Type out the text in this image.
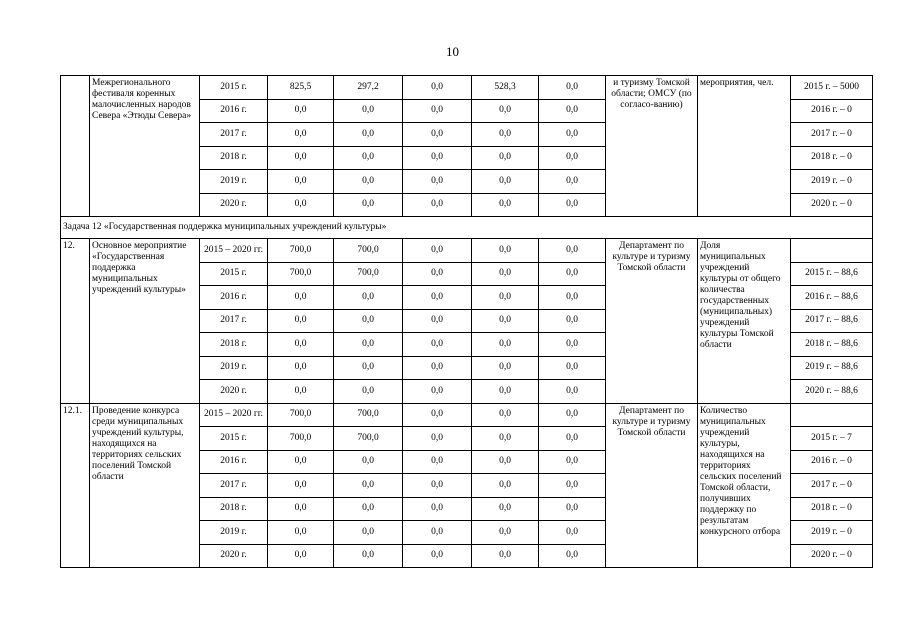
10
	Межрегионального фестиваля коренных малочисленных народов Севера «Этюды Севера»	2015 г.	825,5	297,2	0,0	528,3	0,0	и туризму Томской области; ОМСУ (по согласо-ванию)	мероприятия, чел.	2015 г. – 5000
		2016 г.	0,0	0,0	0,0	0,0	0,0			2016 г. – 0
		2017 г.	0,0	0,0	0,0	0,0	0,0			2017 г. – 0
		2018 г.	0,0	0,0	0,0	0,0	0,0			2018 г. – 0
		2019 г.	0,0	0,0	0,0	0,0	0,0			2019 г. – 0
		2020 г.	0,0	0,0	0,0	0,0	0,0			2020 г. – 0
Задача 12 «Государственная поддержка муниципальных учреждений культуры»										
12.	Основное мероприятие «Государственная поддержка муниципальных учреждений культуры»	2015 – 2020 гг.	700,0	700,0	0,0	0,0	0,0	Департамент по культуре и туризму Томской области	Доля муниципальных учреждений культуры от общего количества государственных (муниципальных) учреждений культуры Томской области	
		2015 г.	700,0	700,0	0,0	0,0	0,0			2015 г. – 88,6
		2016 г.	0,0	0,0	0,0	0,0	0,0			2016 г. – 88,6
		2017 г.	0,0	0,0	0,0	0,0	0,0			2017 г. – 88,6
		2018 г.	0,0	0,0	0,0	0,0	0,0			2018 г. – 88,6
		2019 г.	0,0	0,0	0,0	0,0	0,0			2019 г. – 88,6
		2020 г.	0,0	0,0	0,0	0,0	0,0			2020 г. – 88,6
12.1.	Проведение конкурса среди муниципальных учреждений культуры, находящихся на территориях сельских поселений Томской области	2015 – 2020 гг.	700,0	700,0	0,0	0,0	0,0	Департамент по культуре и туризму Томской области	Количество муниципальных учреждений культуры, находящихся на территориях сельских поселений Томской области, получивших поддержку по результатам конкурсного отбора	
		2015 г.	700,0	700,0	0,0	0,0	0,0			2015 г. – 7
		2016 г.	0,0	0,0	0,0	0,0	0,0			2016 г. – 0
		2017 г.	0,0	0,0	0,0	0,0	0,0			2017 г. – 0
		2018 г.	0,0	0,0	0,0	0,0	0,0			2018 г. – 0
		2019 г.	0,0	0,0	0,0	0,0	0,0			2019 г. – 0
		2020 г.	0,0	0,0	0,0	0,0	0,0			2020 г. – 0
